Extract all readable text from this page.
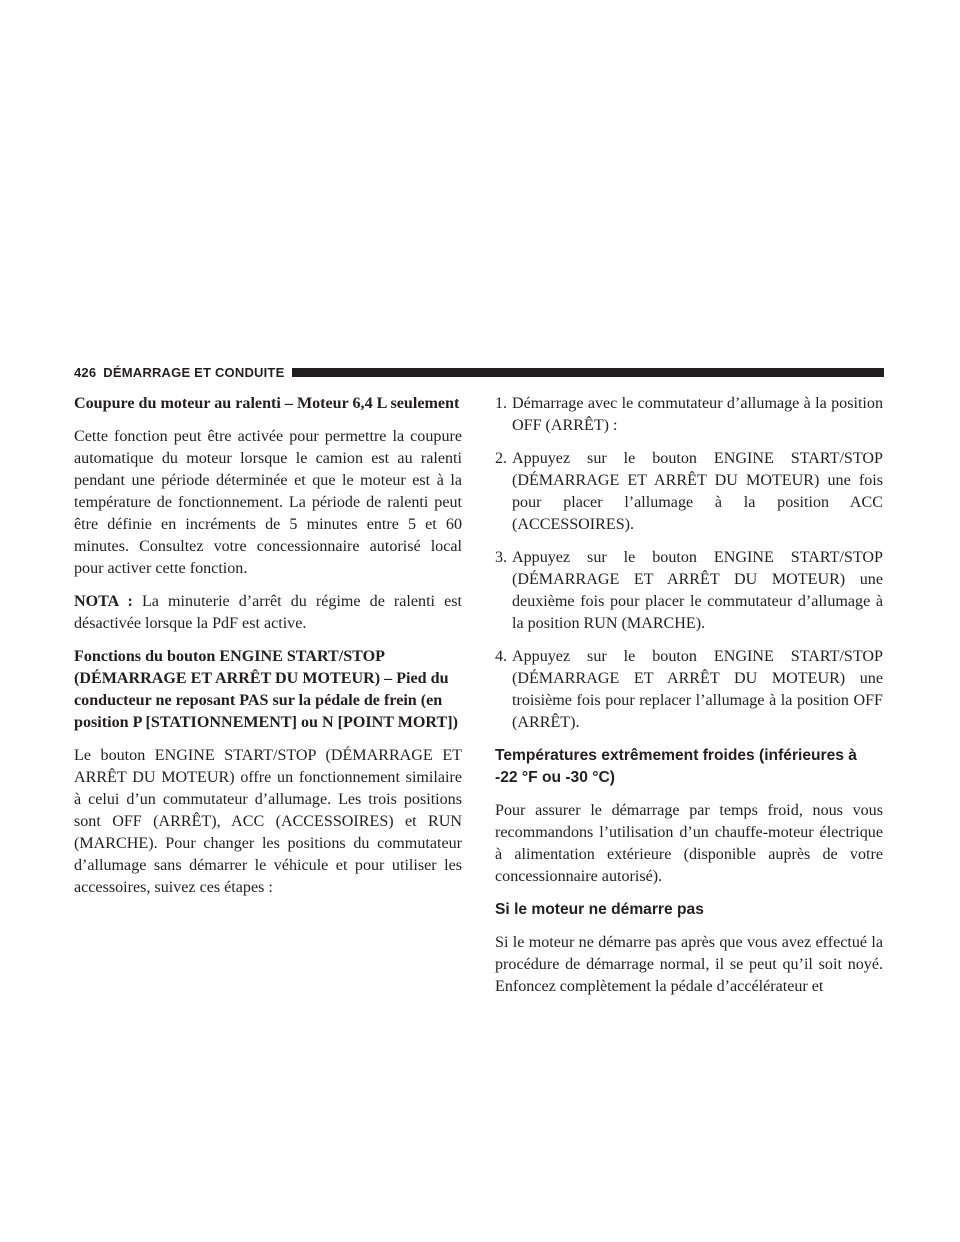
426 DÉMARRAGE ET CONDUITE

Coupure du moteur au ralenti – Moteur 6,4 L seulement

Cette fonction peut être activée pour permettre la coupure automatique du moteur lorsque le camion est au ralenti pendant une période déterminée et que le moteur est à la température de fonctionnement. La période de ralenti peut être définie en incréments de 5 minutes entre 5 et 60 minutes. Consultez votre concessionnaire autorisé local pour activer cette fonction.

NOTA : La minuterie d’arrêt du régime de ralenti est désactivée lorsque la PdF est active.

Fonctions du bouton ENGINE START/STOP (DÉMARRAGE ET ARRÊT DU MOTEUR) – Pied du conducteur ne reposant PAS sur la pédale de frein (en position P [STATIONNEMENT] ou N [POINT MORT])

Le bouton ENGINE START/STOP (DÉMARRAGE ET ARRÊT DU MOTEUR) offre un fonctionnement similaire à celui d’un commutateur d’allumage. Les trois positions sont OFF (ARRÊT), ACC (ACCESSOIRES) et RUN (MARCHE). Pour changer les positions du commutateur d’allumage sans démarrer le véhicule et pour utiliser les accessoires, suivez ces étapes :

1. Démarrage avec le commutateur d’allumage à la position OFF (ARRÊT) :
2. Appuyez sur le bouton ENGINE START/STOP (DÉMARRAGE ET ARRÊT DU MOTEUR) une fois pour placer l’allumage à la position ACC (ACCESSOIRES).
3. Appuyez sur le bouton ENGINE START/STOP (DÉMARRAGE ET ARRÊT DU MOTEUR) une deuxième fois pour placer le commutateur d’allumage à la position RUN (MARCHE).
4. Appuyez sur le bouton ENGINE START/STOP (DÉMARRAGE ET ARRÊT DU MOTEUR) une troisième fois pour replacer l’allumage à la position OFF (ARRÊT).

Températures extrêmement froides (inférieures à -22 °F ou -30 °C)

Pour assurer le démarrage par temps froid, nous vous recommandons l’utilisation d’un chauffe-moteur électrique à alimentation extérieure (disponible auprès de votre concessionnaire autorisé).

Si le moteur ne démarre pas

Si le moteur ne démarre pas après que vous avez effectué la procédure de démarrage normal, il se peut qu’il soit noyé. Enfoncez complètement la pédale d’accélérateur et
